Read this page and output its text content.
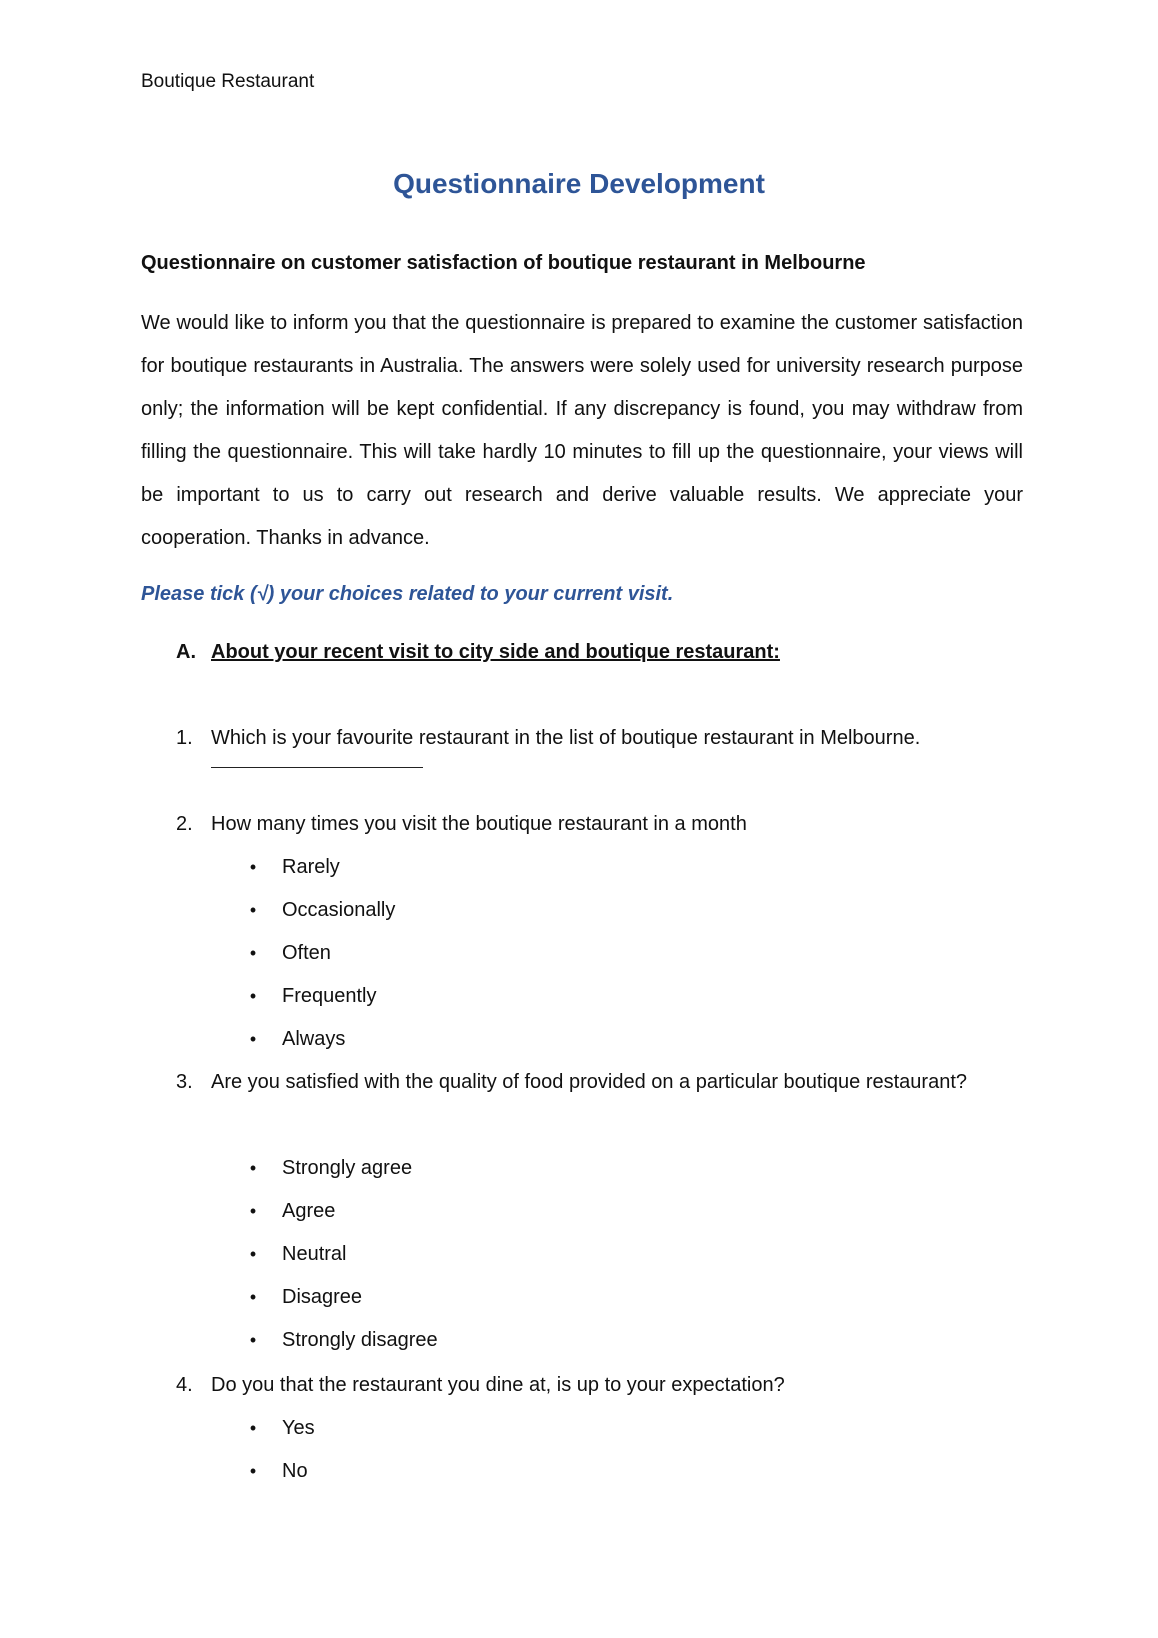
Boutique Restaurant
Questionnaire Development
Questionnaire on customer satisfaction of boutique restaurant in Melbourne

We would like to inform you that the questionnaire is prepared to examine the customer satisfaction for boutique restaurants in Australia. The answers were solely used for university research purpose only; the information will be kept confidential. If any discrepancy is found, you may withdraw from filling the questionnaire. This will take hardly 10 minutes to fill up the questionnaire, your views will be important to us to carry out research and derive valuable results. We appreciate your cooperation. Thanks in advance.

Please tick (√) your choices related to your current visit.
A. About your recent visit to city side and boutique restaurant:
1. Which is your favourite restaurant in the list of boutique restaurant in Melbourne.
2. How many times you visit the boutique restaurant in a month
• Rarely
• Occasionally
• Often
• Frequently
• Always
3. Are you satisfied with the quality of food provided on a particular boutique restaurant?
• Strongly agree
• Agree
• Neutral
• Disagree
• Strongly disagree
4. Do you that the restaurant you dine at, is up to your expectation?
• Yes
• No
